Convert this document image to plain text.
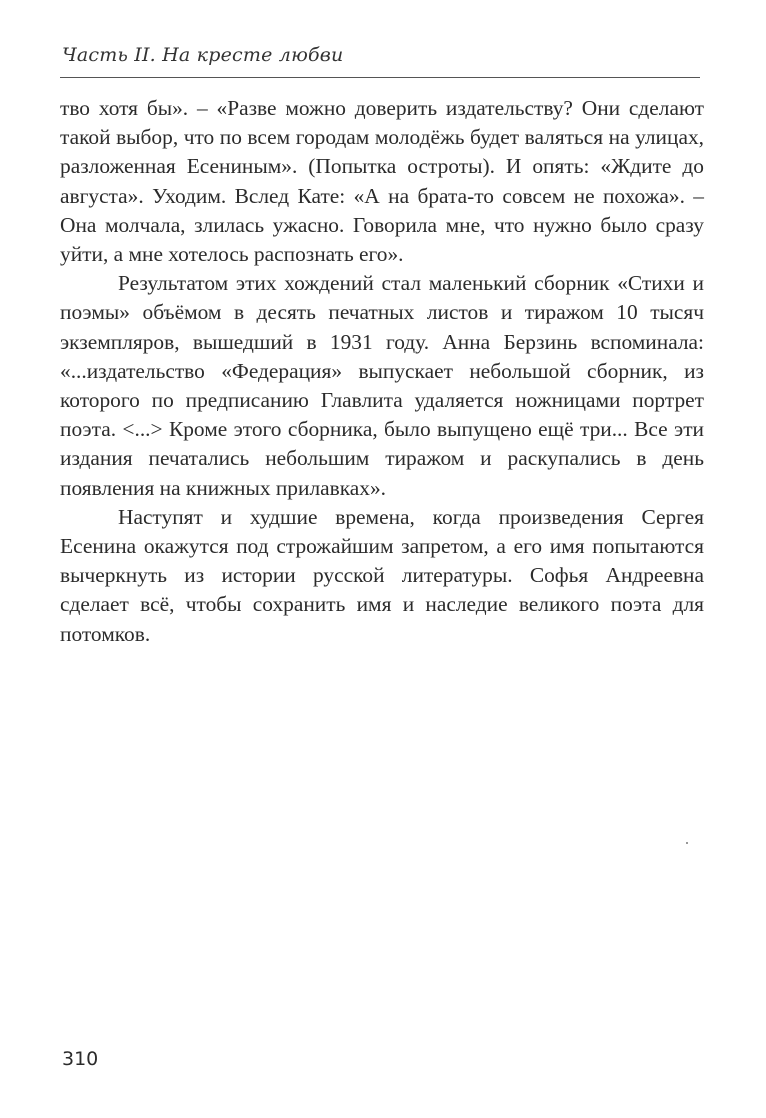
Часть II. На кресте любви

тво хотя бы». – «Разве можно доверить издательству? Они сделают такой выбор, что по всем городам молодёжь будет валяться на улицах, разложенная Есениным». (Попытка остроты). И опять: «Ждите до августа». Уходим. Вслед Кате: «А на брата-то совсем не похожа». – Она молчала, злилась ужасно. Говорила мне, что нужно было сразу уйти, а мне хотелось распознать его».

Результатом этих хождений стал маленький сборник «Стихи и поэмы» объёмом в десять печатных листов и тиражом 10 тысяч экземпляров, вышедший в 1931 году. Анна Берзинь вспоминала: «...издательство «Федерация» выпускает небольшой сборник, из которого по предписанию Главлита удаляется ножницами портрет поэта. <...> Кроме этого сборника, было выпущено ещё три... Все эти издания печатались небольшим тиражом и раскупались в день появления на книжных прилавках».

Наступят и худшие времена, когда произведения Сергея Есенина окажутся под строжайшим запретом, а его имя попытаются вычеркнуть из истории русской литературы. Софья Андреевна сделает всё, чтобы сохранить имя и наследие великого поэта для потомков.

310
